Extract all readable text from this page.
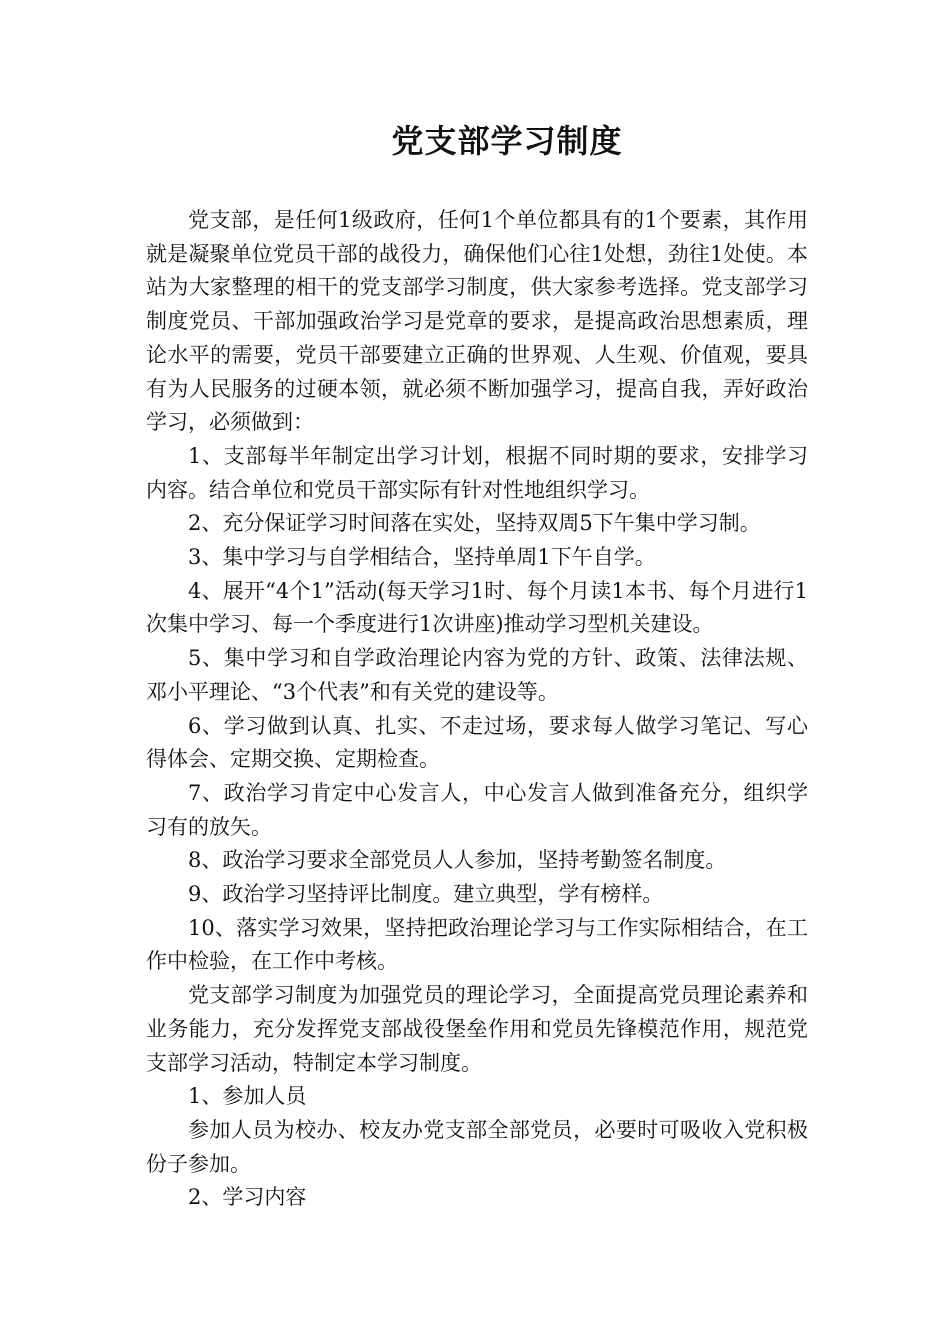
党支部学习制度

党支部，是任何1级政府，任何1个单位都具有的1个要素，其作用就是凝聚单位党员干部的战役力，确保他们心往1处想，劲往1处使。本站为大家整理的相干的党支部学习制度，供大家参考选择。党支部学习制度党员、干部加强政治学习是党章的要求，是提高政治思想素质，理论水平的需要，党员干部要建立正确的世界观、人生观、价值观，要具有为人民服务的过硬本领，就必须不断加强学习，提高自我，弄好政治学习，必须做到：

1、支部每半年制定出学习计划，根据不同时期的要求，安排学习内容。结合单位和党员干部实际有针对性地组织学习。

2、充分保证学习时间落在实处，坚持双周5下午集中学习制。

3、集中学习与自学相结合，坚持单周1下午自学。

4、展开“4个1”活动(每天学习1时、每个月读1本书、每个月进行1次集中学习、每一个季度进行1次讲座)推动学习型机关建设。

5、集中学习和自学政治理论内容为党的方针、政策、法律法规、邓小平理论、“3个代表”和有关党的建设等。

6、学习做到认真、扎实、不走过场，要求每人做学习笔记、写心得体会、定期交换、定期检查。

7、政治学习肯定中心发言人，中心发言人做到准备充分，组织学习有的放矢。

8、政治学习要求全部党员人人参加，坚持考勤签名制度。

9、政治学习坚持评比制度。建立典型，学有榜样。

10、落实学习效果，坚持把政治理论学习与工作实际相结合，在工作中检验，在工作中考核。

党支部学习制度为加强党员的理论学习，全面提高党员理论素养和业务能力，充分发挥党支部战役堡垒作用和党员先锋模范作用，规范党支部学习活动，特制定本学习制度。

1、参加人员

参加人员为校办、校友办党支部全部党员，必要时可吸收入党积极份子参加。

2、学习内容
